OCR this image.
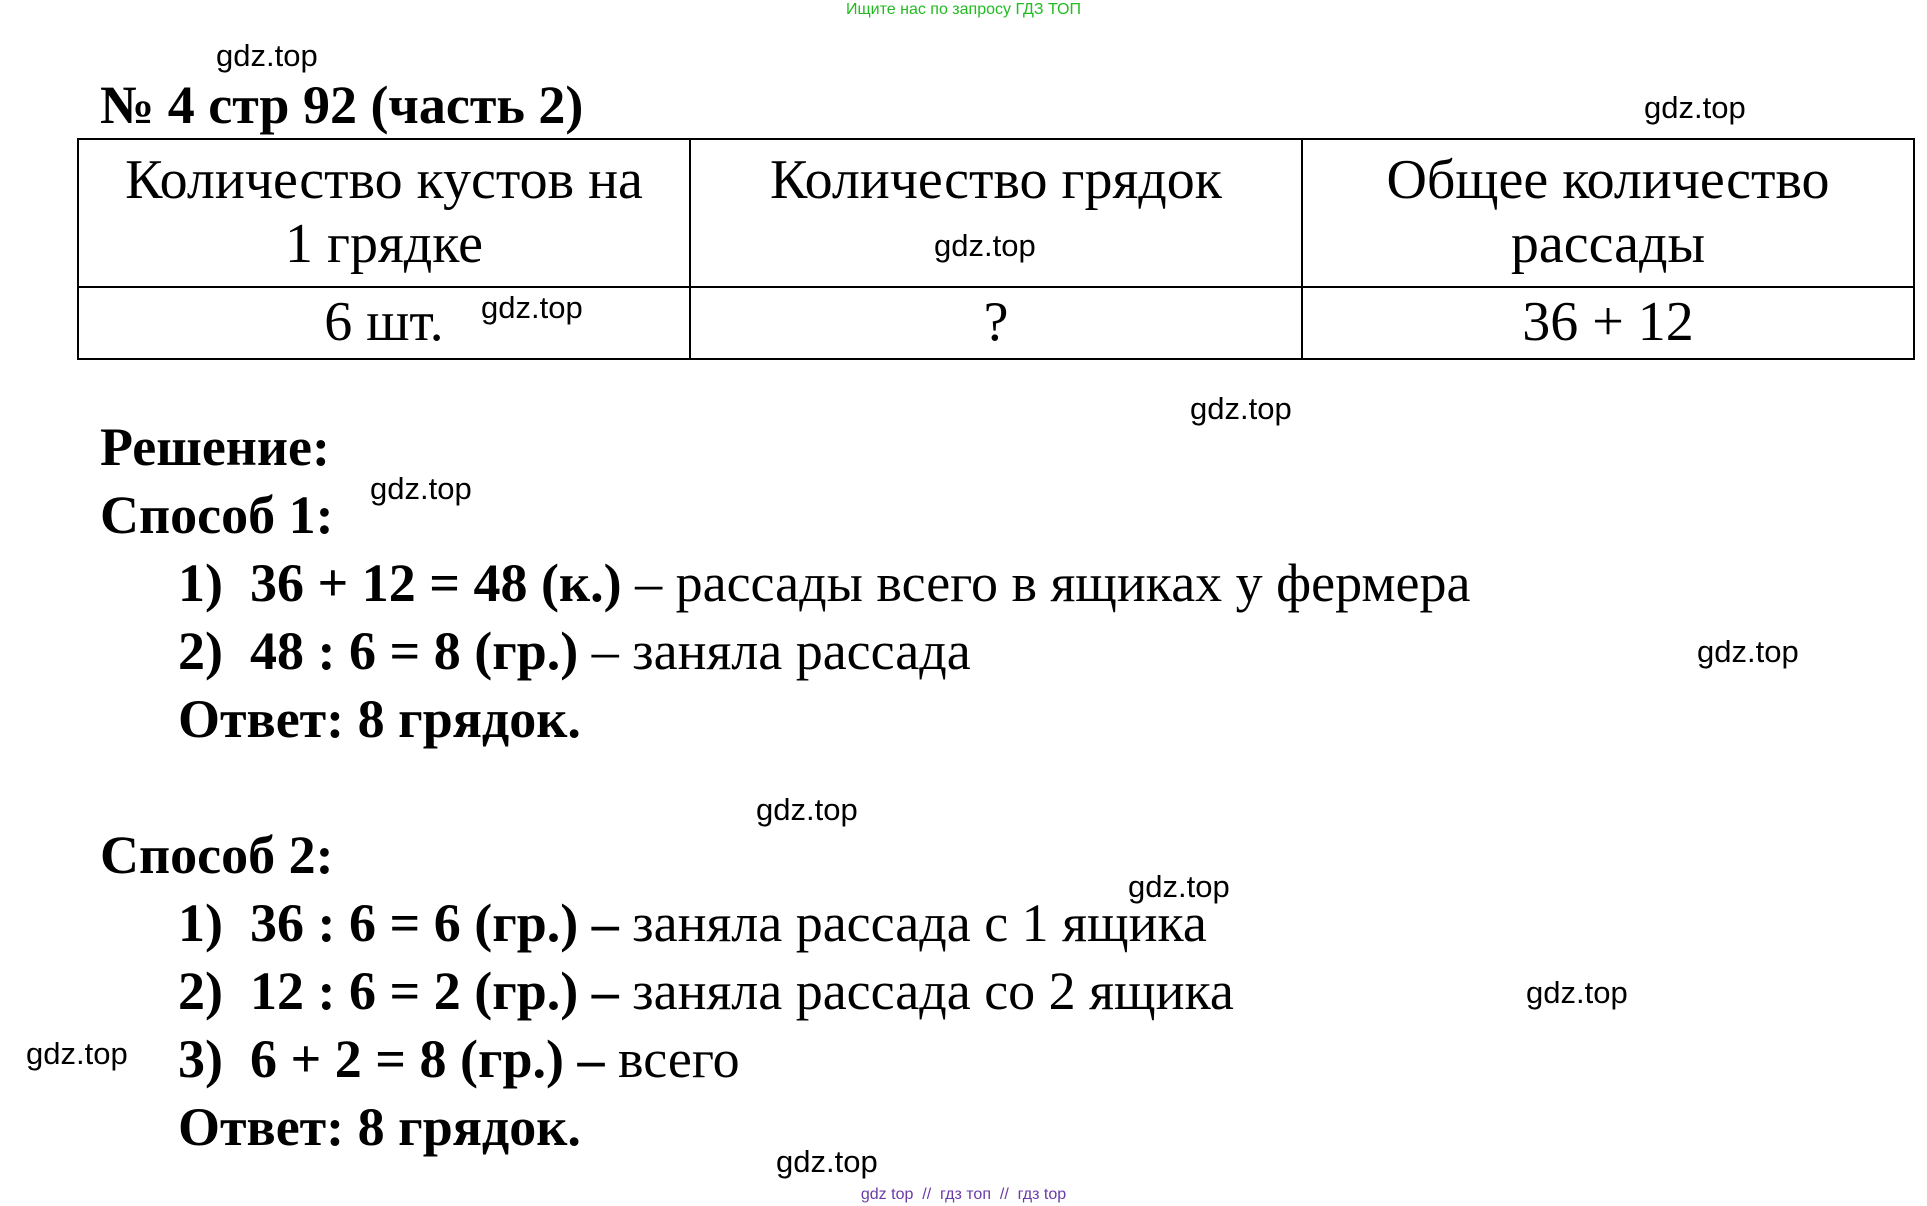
Ищите нас по запросу ГДЗ ТОП
№ 4 стр 92 (часть 2)
Количество кустов на 1 грядке	Количество грядок	Общее количество рассады
6 шт.	?	36 + 12
Решение:
Способ 1:
1) 36 + 12 = 48 (к.) – рассады всего в ящиках у фермера
2) 48 : 6 = 8 (гр.) – заняла рассада
Ответ: 8 грядок.
Способ 2:
1) 36 : 6 = 6 (гр.) – заняла рассада с 1 ящика
2) 12 : 6 = 2 (гр.) – заняла рассада со 2 ящика
3) 6 + 2 = 8 (гр.) – всего
Ответ: 8 грядок.
gdz.top
gdz.top
gdz.top
gdz.top
gdz.top
gdz.top
gdz.top
gdz.top
gdz.top
gdz.top
gdz.top
gdz.top
gdz top  //  гдз топ  //  гдз top
